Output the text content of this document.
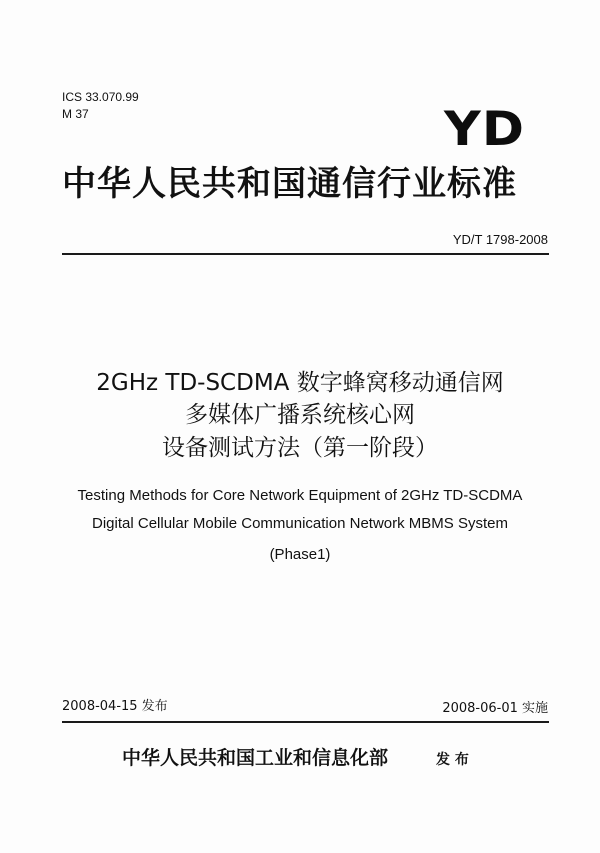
ICS 33.070.99
M 37	YD
中华人民共和国通信行业标准
YD/T 1798-2008
2GHz TD-SCDMA 数字蜂窝移动通信网
多媒体广播系统核心网
设备测试方法（第一阶段）
Testing Methods for Core Network Equipment of 2GHz TD-SCDMA
Digital Cellular Mobile Communication Network MBMS System
(Phase1)
2008-04-15 发布	2008-06-01 实施
中华人民共和国工业和信息化部	发 布
